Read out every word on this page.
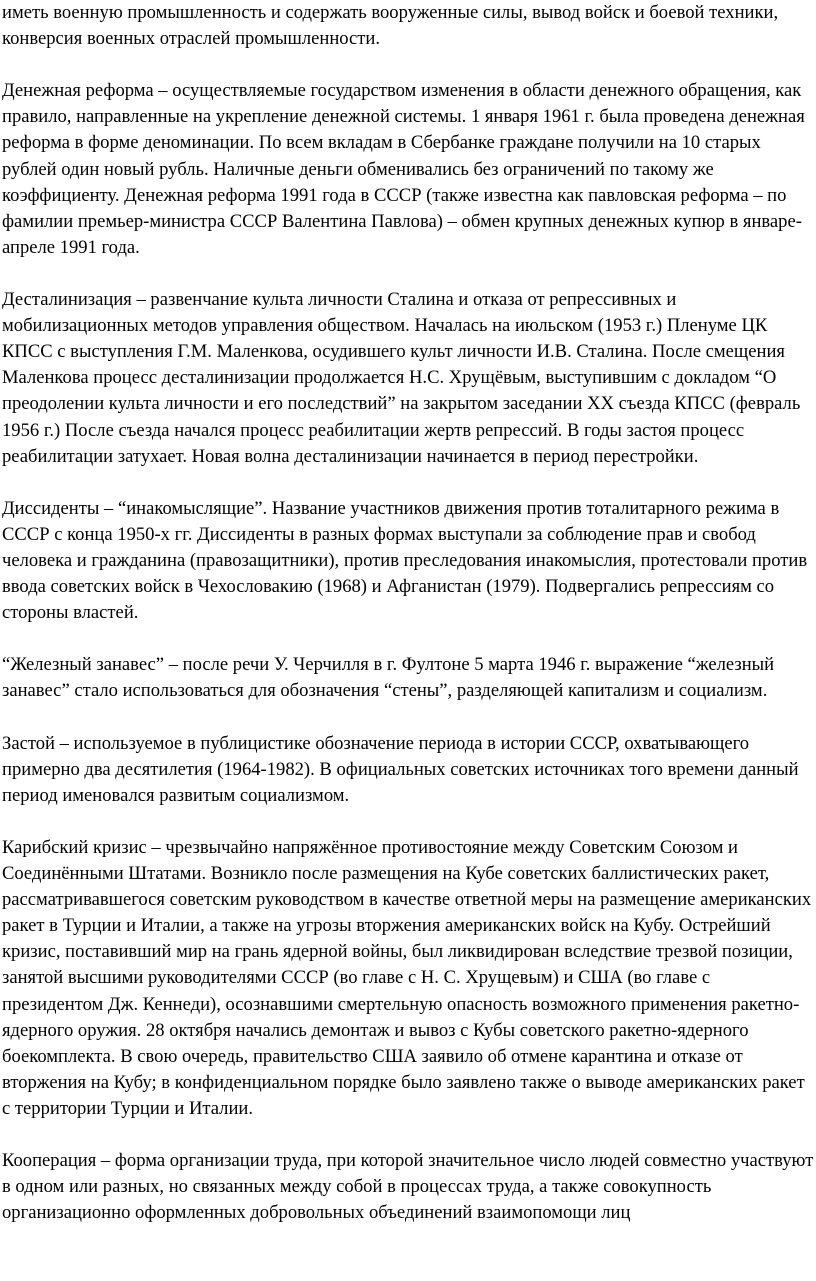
иметь военную промышленность и содержать вооруженные силы, вывод войск и боевой техники, конверсия военных отраслей промышленности.

Денежная реформа – осуществляемые государством изменения в области денежного обращения, как правило, направленные на укрепление денежной системы. 1 января 1961 г. была проведена денежная реформа в форме деноминации. По всем вкладам в Сбербанке граждане получили на 10 старых рублей один новый рубль. Наличные деньги обменивались без ограничений по такому же коэффициенту. Денежная реформа 1991 года в СССР (также известна как павловская реформа – по фамилии премьер-министра СССР Валентина Павлова) – обмен крупных денежных купюр в январе-апреле 1991 года.

Десталинизация – развенчание культа личности Сталина и отказа от репрессивных и мобилизационных методов управления обществом. Началась на июльском (1953 г.) Пленуме ЦК КПСС с выступления Г.М. Маленкова, осудившего культ личности И.В. Сталина. После смещения Маленкова процесс десталинизации продолжается Н.С. Хрущёвым, выступившим с докладом “О преодолении культа личности и его последствий” на закрытом заседании XX съезда КПСС (февраль 1956 г.) После съезда начался процесс реабилитации жертв репрессий. В годы застоя процесс реабилитации затухает. Новая волна десталинизации начинается в период перестройки.

Диссиденты – “инакомыслящие”. Название участников движения против тоталитарного режима в СССР с конца 1950-х гг. Диссиденты в разных формах выступали за соблюдение прав и свобод человека и гражданина (правозащитники), против преследования инакомыслия, протестовали против ввода советских войск в Чехословакию (1968) и Афганистан (1979). Подвергались репрессиям со стороны властей.

“Железный занавес” – после речи У. Черчилля в г. Фултоне 5 марта 1946 г. выражение “железный занавес” стало использоваться для обозначения “стены”, разделяющей капитализм и социализм.

Застой – используемое в публицистике обозначение периода в истории СССР, охватывающего примерно два десятилетия (1964-1982). В официальных советских источниках того времени данный период именовался развитым социализмом.

Карибский кризис – чрезвычайно напряжённое противостояние между Советским Союзом и Соединёнными Штатами. Возникло после размещения на Кубе советских баллистических ракет, рассматривавшегося советским руководством в качестве ответной меры на размещение американских ракет в Турции и Италии, а также на угрозы вторжения американских войск на Кубу. Острейший кризис, поставивший мир на грань ядерной войны, был ликвидирован вследствие трезвой позиции, занятой высшими руководителями СССР (во главе с Н. С. Хрущевым) и США (во главе с президентом Дж. Кеннеди), осознавшими смертельную опасность возможного применения ракетно-ядерного оружия. 28 октября начались демонтаж и вывоз с Кубы советского ракетно-ядерного боекомплекта. В свою очередь, правительство США заявило об отмене карантина и отказе от вторжения на Кубу; в конфиденциальном порядке было заявлено также о выводе американских ракет с территории Турции и Италии.

Кооперация – форма организации труда, при которой значительное число людей совместно участвуют в одном или разных, но связанных между собой в процессах труда, а также совокупность организационно оформленных добровольных объединений взаимопомощи лиц
